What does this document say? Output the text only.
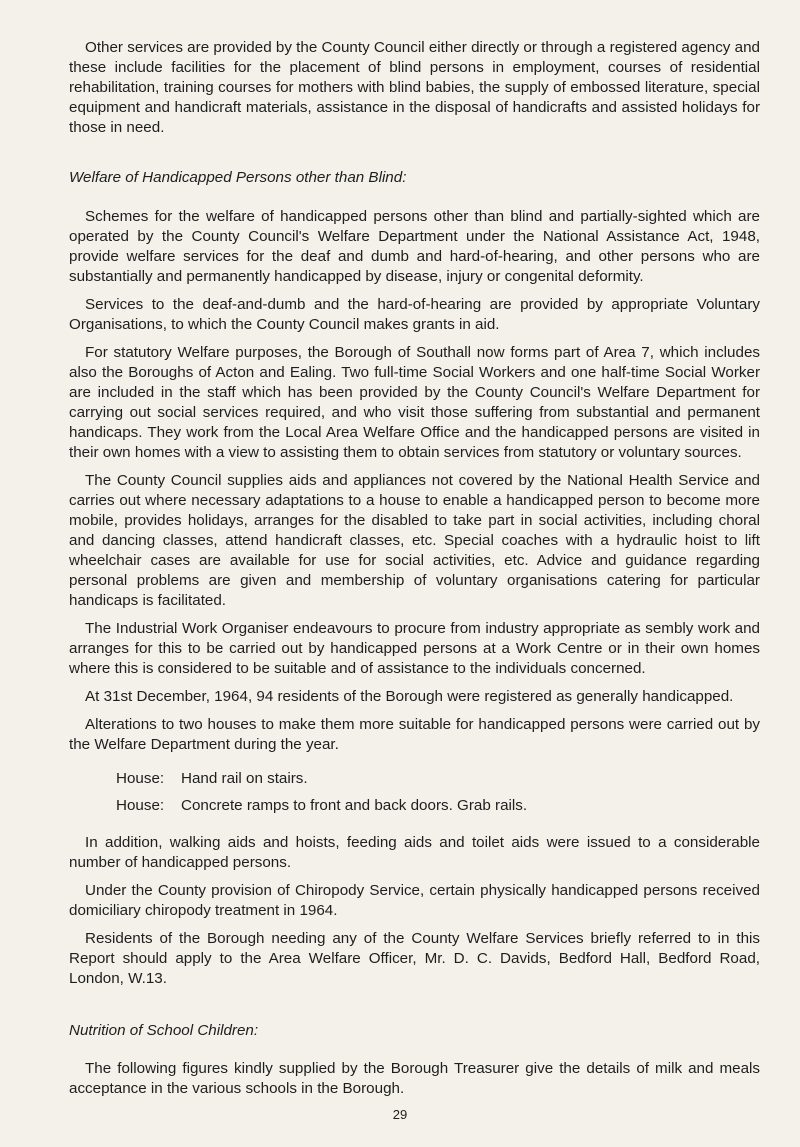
Other services are provided by the County Council either directly or through a registered agency and these include facilities for the placement of blind persons in employment, courses of residential rehabilitation, training courses for mothers with blind babies, the supply of embossed literature, special equipment and handicraft materials, assistance in the disposal of handicrafts and assisted holidays for those in need.

Welfare of Handicapped Persons other than Blind:

Schemes for the welfare of handicapped persons other than blind and partially-sighted which are operated by the County Council's Welfare Department under the National Assistance Act, 1948, provide welfare services for the deaf and dumb and hard-of-hearing, and other persons who are substantially and permanently handicapped by disease, injury or congenital deformity.

Services to the deaf-and-dumb and the hard-of-hearing are provided by appropriate Voluntary Organisations, to which the County Council makes grants in aid.

For statutory Welfare purposes, the Borough of Southall now forms part of Area 7, which includes also the Boroughs of Acton and Ealing. Two full-time Social Workers and one half-time Social Worker are included in the staff which has been provided by the County Council's Welfare Department for carrying out social services required, and who visit those suffering from substantial and permanent handicaps. They work from the Local Area Welfare Office and the handicapped persons are visited in their own homes with a view to assisting them to obtain services from statutory or voluntary sources.

The County Council supplies aids and appliances not covered by the National Health Service and carries out where necessary adaptations to a house to enable a handicapped person to become more mobile, provides holidays, arranges for the disabled to take part in social activities, including choral and dancing classes, attend handicraft classes, etc. Special coaches with a hydraulic hoist to lift wheelchair cases are available for use for social activities, etc. Advice and guidance regarding personal problems are given and membership of voluntary organisations catering for particular handicaps is facilitated.

The Industrial Work Organiser endeavours to procure from industry appropriate as sembly work and arranges for this to be carried out by handicapped persons at a Work Centre or in their own homes where this is considered to be suitable and of assistance to the individuals concerned.

At 31st December, 1964, 94 residents of the Borough were registered as generally handicapped.

Alterations to two houses to make them more suitable for handicapped persons were carried out by the Welfare Department during the year.

House: Hand rail on stairs.
House: Concrete ramps to front and back doors. Grab rails.

In addition, walking aids and hoists, feeding aids and toilet aids were issued to a considerable number of handicapped persons.

Under the County provision of Chiropody Service, certain physically handicapped persons received domiciliary chiropody treatment in 1964.

Residents of the Borough needing any of the County Welfare Services briefly referred to in this Report should apply to the Area Welfare Officer, Mr. D. C. Davids, Bedford Hall, Bedford Road, London, W.13.

Nutrition of School Children:

The following figures kindly supplied by the Borough Treasurer give the details of milk and meals acceptance in the various schools in the Borough.

29
